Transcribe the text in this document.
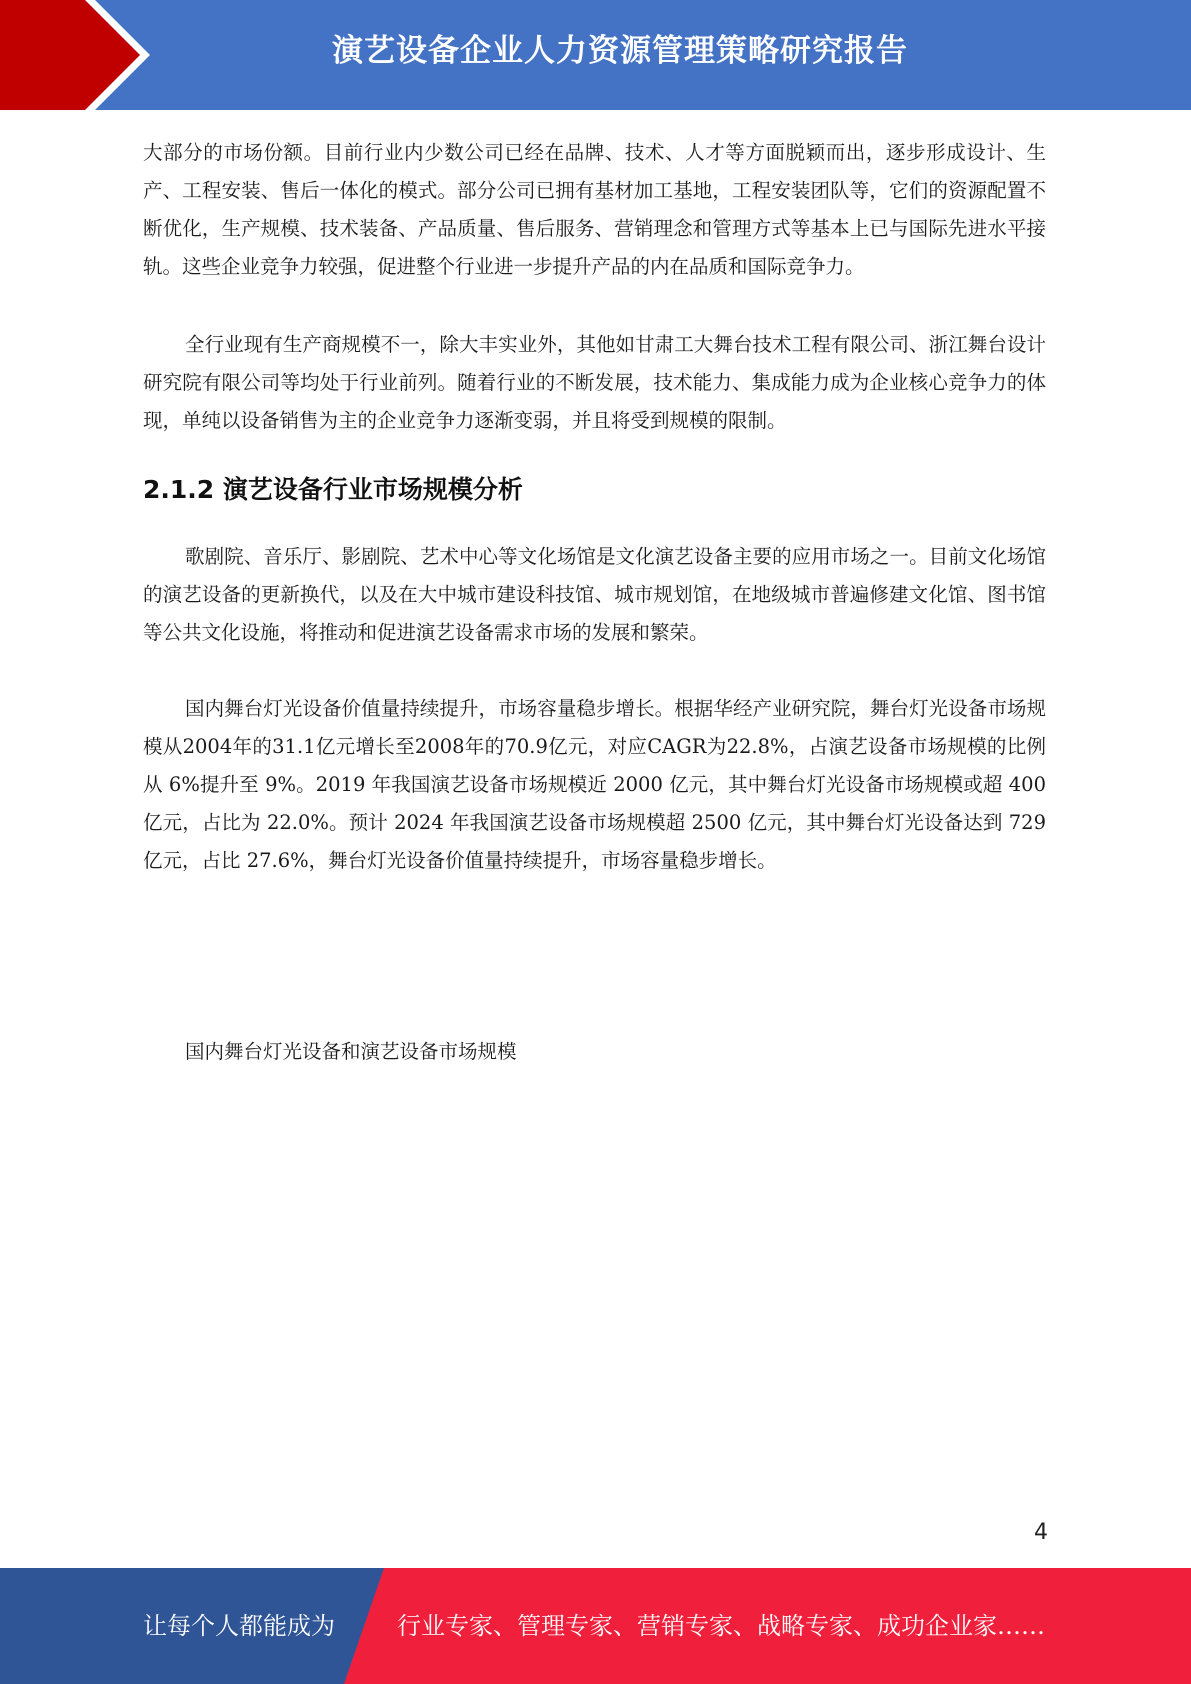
演艺设备企业人力资源管理策略研究报告

大部分的市场份额。目前行业内少数公司已经在品牌、技术、人才等方面脱颖而出，逐步形成设计、生产、工程安装、售后一体化的模式。部分公司已拥有基材加工基地，工程安装团队等，它们的资源配置不断优化，生产规模、技术装备、产品质量、售后服务、营销理念和管理方式等基本上已与国际先进水平接轨。这些企业竞争力较强，促进整个行业进一步提升产品的内在品质和国际竞争力。

全行业现有生产商规模不一，除大丰实业外，其他如甘肃工大舞台技术工程有限公司、浙江舞台设计研究院有限公司等均处于行业前列。随着行业的不断发展，技术能力、集成能力成为企业核心竞争力的体现，单纯以设备销售为主的企业竞争力逐渐变弱，并且将受到规模的限制。

2.1.2 演艺设备行业市场规模分析

歌剧院、音乐厅、影剧院、艺术中心等文化场馆是文化演艺设备主要的应用市场之一。目前文化场馆的演艺设备的更新换代，以及在大中城市建设科技馆、城市规划馆，在地级城市普遍修建文化馆、图书馆等公共文化设施，将推动和促进演艺设备需求市场的发展和繁荣。

国内舞台灯光设备价值量持续提升，市场容量稳步增长。根据华经产业研究院，舞台灯光设备市场规模从2004年的31.1亿元增长至2008年的70.9亿元，对应CAGR为22.8%，占演艺设备市场规模的比例从 6%提升至 9%。2019 年我国演艺设备市场规模近 2000 亿元，其中舞台灯光设备市场规模或超 400 亿元，占比为 22.0%。预计 2024 年我国演艺设备市场规模超 2500 亿元，其中舞台灯光设备达到 729 亿元，占比 27.6%，舞台灯光设备价值量持续提升，市场容量稳步增长。

国内舞台灯光设备和演艺设备市场规模
4
让每个人都能成为	行业专家、管理专家、营销专家、战略专家、成功企业家……
